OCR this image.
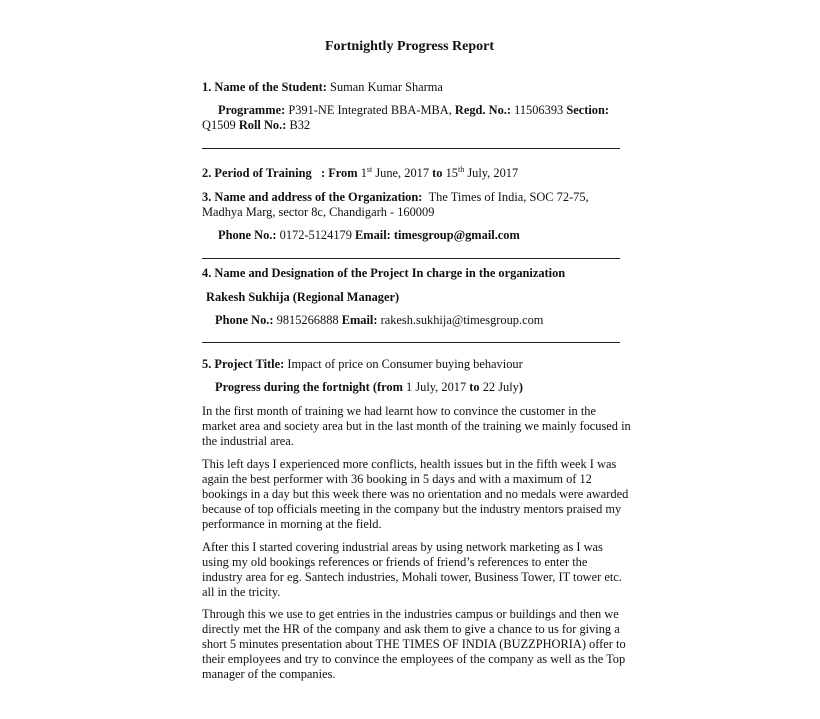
Fortnightly Progress Report
1. Name of the Student: Suman Kumar Sharma
Programme: P391-NE Integrated BBA-MBA, Regd. No.: 11506393 Section:
Q1509 Roll No.: B32
2. Period of Training : From 1st June, 2017 to 15th July, 2017
3. Name and address of the Organization: The Times of India, SOC 72-75,
Madhya Marg, sector 8c, Chandigarh - 160009
Phone No.: 0172-5124179 Email: timesgroup@gmail.com
4. Name and Designation of the Project In charge in the organization
Rakesh Sukhija (Regional Manager)
Phone No.: 9815266888 Email: rakesh.sukhija@timesgroup.com
5. Project Title: Impact of price on Consumer buying behaviour
Progress during the fortnight (from 1 July, 2017 to 22 July)
In the first month of training we had learnt how to convince the customer in the
market area and society area but in the last month of the training we mainly focused in
the industrial area.
This left days I experienced more conflicts, health issues but in the fifth week I was
again the best performer with 36 booking in 5 days and with a maximum of 12
bookings in a day but this week there was no orientation and no medals were awarded
because of top officials meeting in the company but the industry mentors praised my
performance in morning at the field.
After this I started covering industrial areas by using network marketing as I was
using my old bookings references or friends of friend’s references to enter the
industry area for eg. Santech industries, Mohali tower, Business Tower, IT tower etc.
all in the tricity.
Through this we use to get entries in the industries campus or buildings and then we
directly met the HR of the company and ask them to give a chance to us for giving a
short 5 minutes presentation about THE TIMES OF INDIA (BUZZPHORIA) offer to
their employees and try to convince the employees of the company as well as the Top
manager of the companies.
